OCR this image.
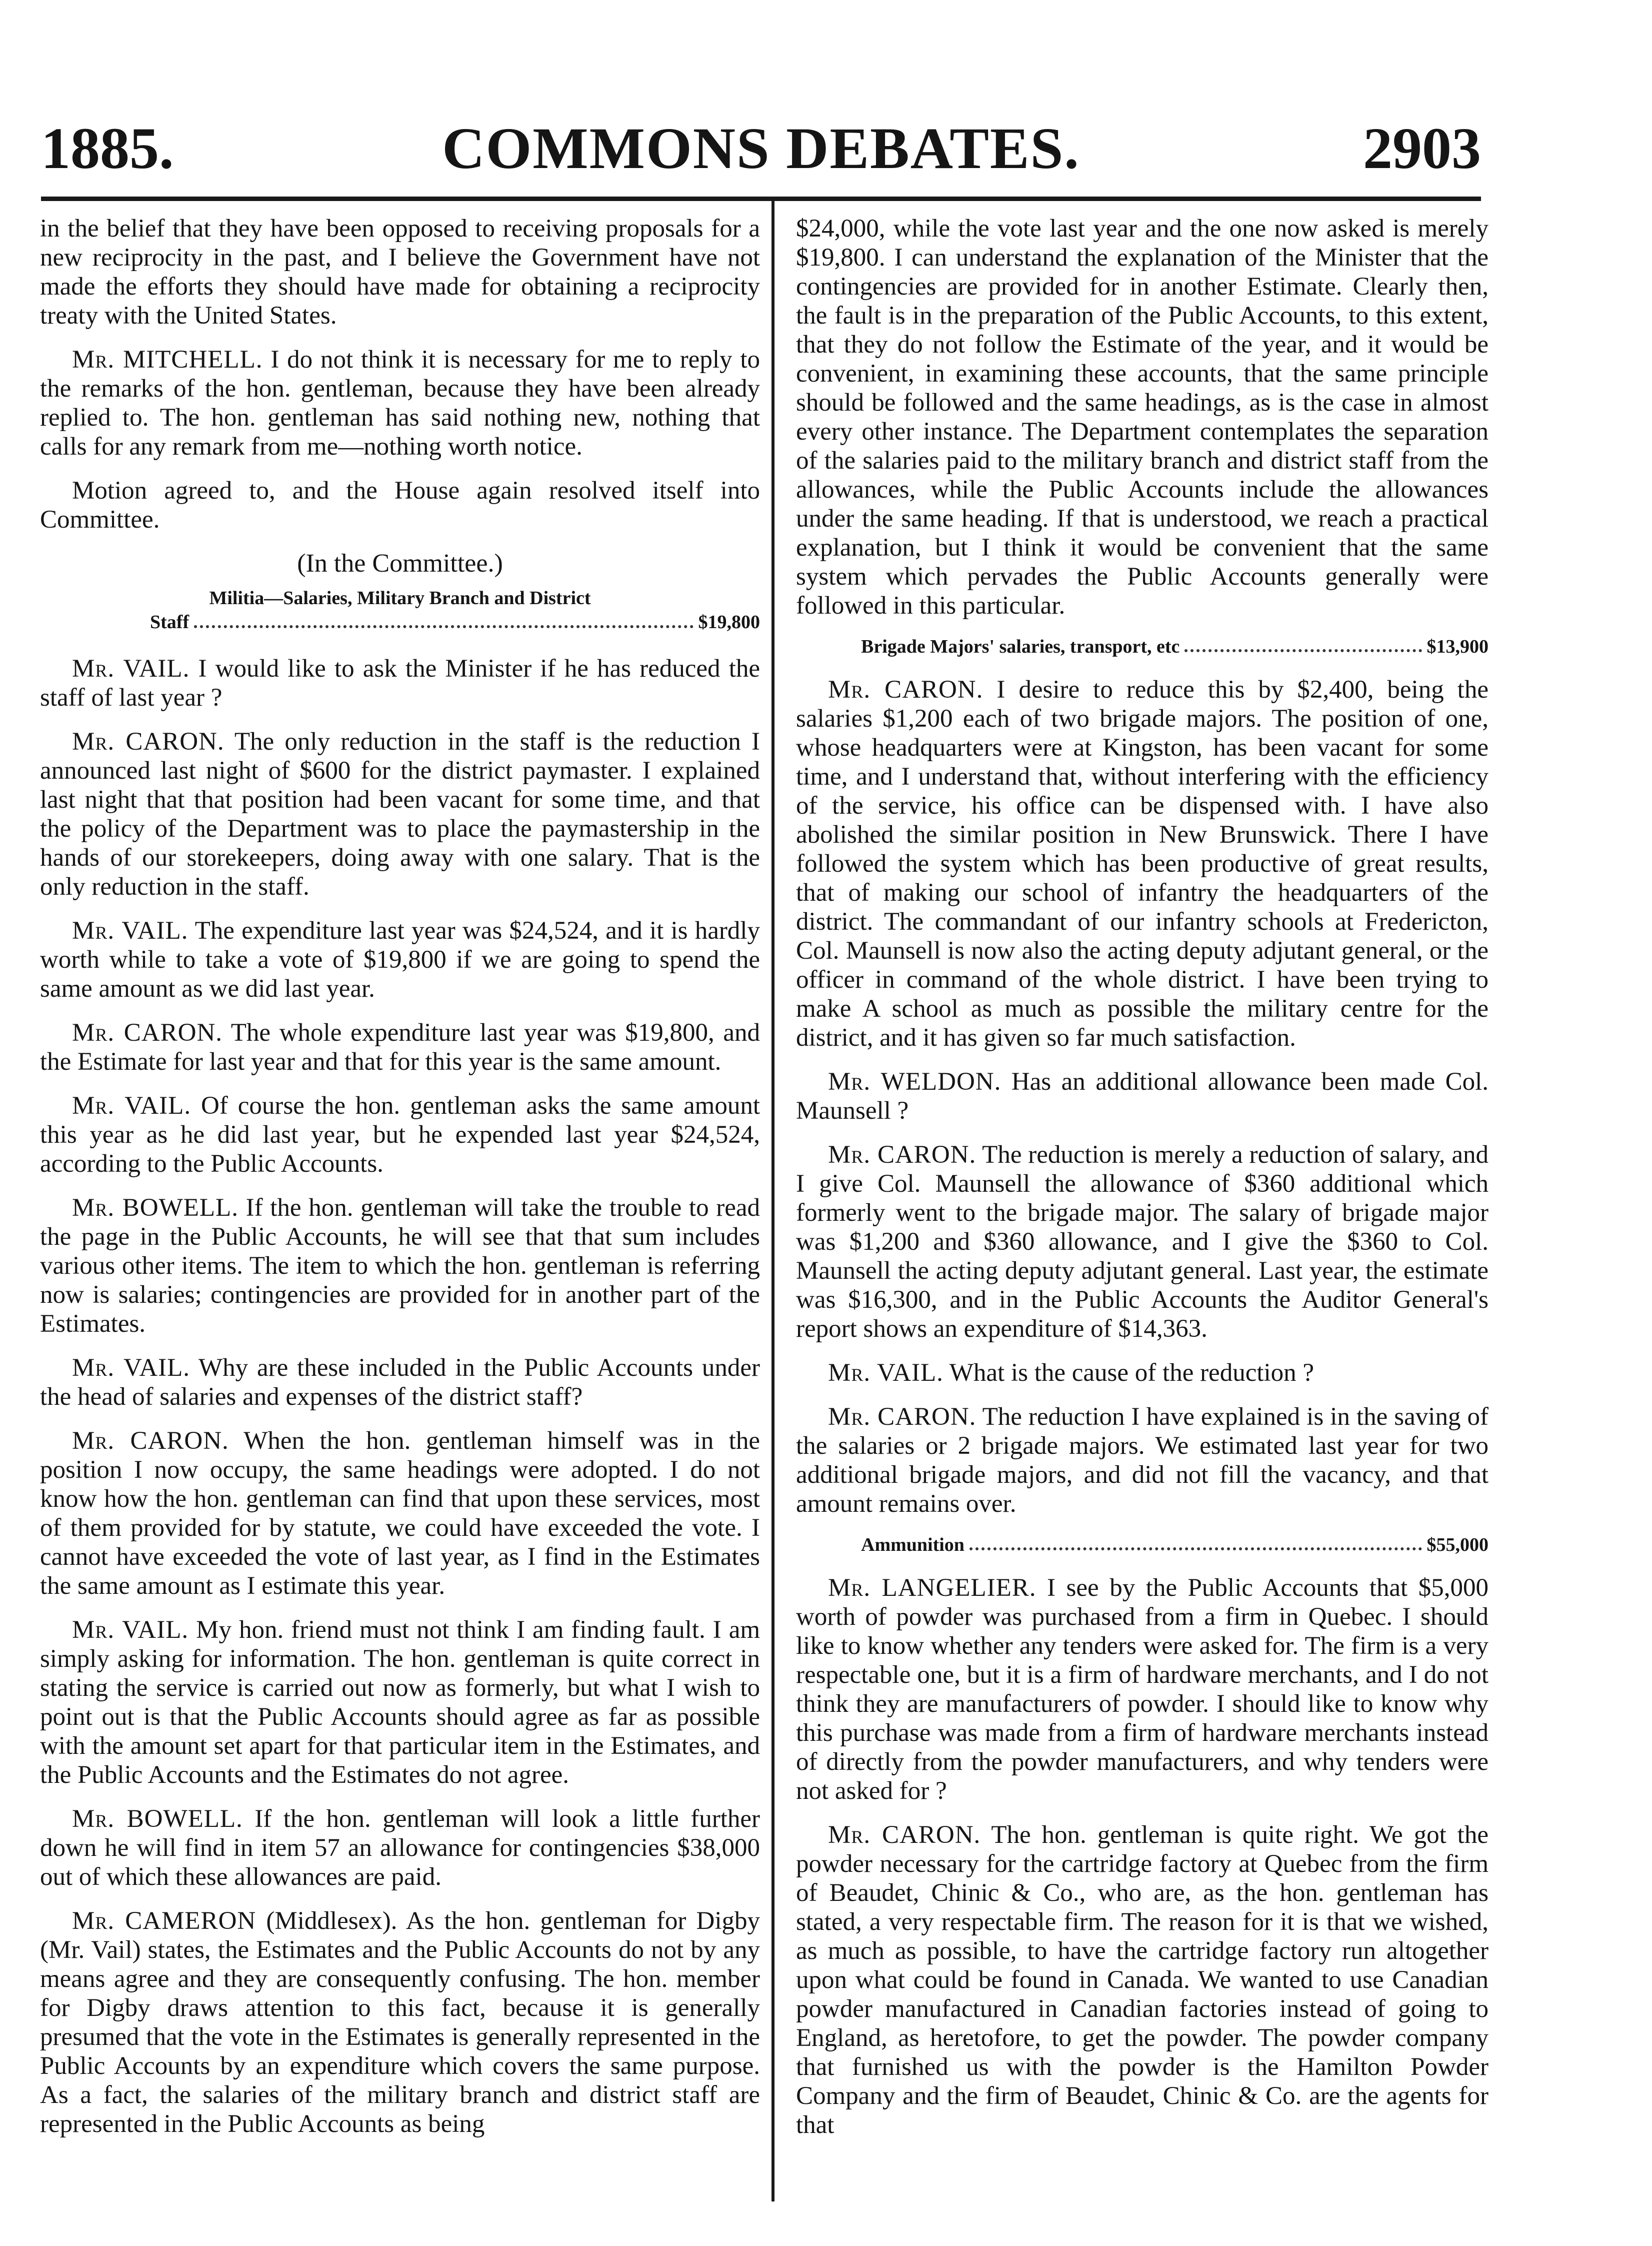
1885.	COMMONS DEBATES.	2903

in the belief that they have been opposed to receiving proposals for a new reciprocity in the past, and I believe the Government have not made the efforts they should have made for obtaining a reciprocity treaty with the United States.

Mr. MITCHELL. I do not think it is necessary for me to reply to the remarks of the hon. gentleman, because they have been already replied to. The hon. gentleman has said nothing new, nothing that calls for any remark from me—nothing worth notice.

Motion agreed to, and the House again resolved itself into Committee.

(In the Committee.)

Militia—Salaries, Military Branch and District
Staff	$19,800

Mr. VAIL. I would like to ask the Minister if he has reduced the staff of last year ?

Mr. CARON. The only reduction in the staff is the reduction I announced last night of $600 for the district paymaster. I explained last night that that position had been vacant for some time, and that the policy of the Department was to place the paymastership in the hands of our storekeepers, doing away with one salary. That is the only reduction in the staff.

Mr. VAIL. The expenditure last year was $24,524, and it is hardly worth while to take a vote of $19,800 if we are going to spend the same amount as we did last year.

Mr. CARON. The whole expenditure last year was $19,800, and the Estimate for last year and that for this year is the same amount.

Mr. VAIL. Of course the hon. gentleman asks the same amount this year as he did last year, but he expended last year $24,524, according to the Public Accounts.

Mr. BOWELL. If the hon. gentleman will take the trouble to read the page in the Public Accounts, he will see that that sum includes various other items. The item to which the hon. gentleman is referring now is salaries; contingencies are provided for in another part of the Estimates.

Mr. VAIL. Why are these included in the Public Accounts under the head of salaries and expenses of the district staff?

Mr. CARON. When the hon. gentleman himself was in the position I now occupy, the same headings were adopted. I do not know how the hon. gentleman can find that upon these services, most of them provided for by statute, we could have exceeded the vote. I cannot have exceeded the vote of last year, as I find in the Estimates the same amount as I estimate this year.

Mr. VAIL. My hon. friend must not think I am finding fault. I am simply asking for information. The hon. gentleman is quite correct in stating the service is carried out now as formerly, but what I wish to point out is that the Public Accounts should agree as far as possible with the amount set apart for that particular item in the Estimates, and the Public Accounts and the Estimates do not agree.

Mr. BOWELL. If the hon. gentleman will look a little further down he will find in item 57 an allowance for contingencies $38,000 out of which these allowances are paid.

Mr. CAMERON (Middlesex). As the hon. gentleman for Digby (Mr. Vail) states, the Estimates and the Public Accounts do not by any means agree and they are consequently confusing. The hon. member for Digby draws attention to this fact, because it is generally presumed that the vote in the Estimates is generally represented in the Public Accounts by an expenditure which covers the same purpose. As a fact, the salaries of the military branch and district staff are represented in the Public Accounts as being

$24,000, while the vote last year and the one now asked is merely $19,800. I can understand the explanation of the Minister that the contingencies are provided for in another Estimate. Clearly then, the fault is in the preparation of the Public Accounts, to this extent, that they do not follow the Estimate of the year, and it would be convenient, in examining these accounts, that the same principle should be followed and the same headings, as is the case in almost every other instance. The Department contemplates the separation of the salaries paid to the military branch and district staff from the allowances, while the Public Accounts include the allowances under the same heading. If that is understood, we reach a practical explanation, but I think it would be convenient that the same system which pervades the Public Accounts generally were followed in this particular.

Brigade Majors' salaries, transport, etc	$13,900

Mr. CARON. I desire to reduce this by $2,400, being the salaries $1,200 each of two brigade majors. The position of one, whose headquarters were at Kingston, has been vacant for some time, and I understand that, without interfering with the efficiency of the service, his office can be dispensed with. I have also abolished the similar position in New Brunswick. There I have followed the system which has been productive of great results, that of making our school of infantry the headquarters of the district. The commandant of our infantry schools at Fredericton, Col. Maunsell is now also the acting deputy adjutant general, or the officer in command of the whole district. I have been trying to make A school as much as possible the military centre for the district, and it has given so far much satisfaction.

Mr. WELDON. Has an additional allowance been made Col. Maunsell ?

Mr. CARON. The reduction is merely a reduction of salary, and I give Col. Maunsell the allowance of $360 additional which formerly went to the brigade major. The salary of brigade major was $1,200 and $360 allowance, and I give the $360 to Col. Maunsell the acting deputy adjutant general. Last year, the estimate was $16,300, and in the Public Accounts the Auditor General's report shows an expenditure of $14,363.

Mr. VAIL. What is the cause of the reduction ?

Mr. CARON. The reduction I have explained is in the saving of the salaries or 2 brigade majors. We estimated last year for two additional brigade majors, and did not fill the vacancy, and that amount remains over.

Ammunition	$55,000

Mr. LANGELIER. I see by the Public Accounts that $5,000 worth of powder was purchased from a firm in Quebec. I should like to know whether any tenders were asked for. The firm is a very respectable one, but it is a firm of hardware merchants, and I do not think they are manufacturers of powder. I should like to know why this purchase was made from a firm of hardware merchants instead of directly from the powder manufacturers, and why tenders were not asked for ?

Mr. CARON. The hon. gentleman is quite right. We got the powder necessary for the cartridge factory at Quebec from the firm of Beaudet, Chinic & Co., who are, as the hon. gentleman has stated, a very respectable firm. The reason for it is that we wished, as much as possible, to have the cartridge factory run altogether upon what could be found in Canada. We wanted to use Canadian powder manufactured in Canadian factories instead of going to England, as heretofore, to get the powder. The powder company that furnished us with the powder is the Hamilton Powder Company and the firm of Beaudet, Chinic & Co. are the agents for that
